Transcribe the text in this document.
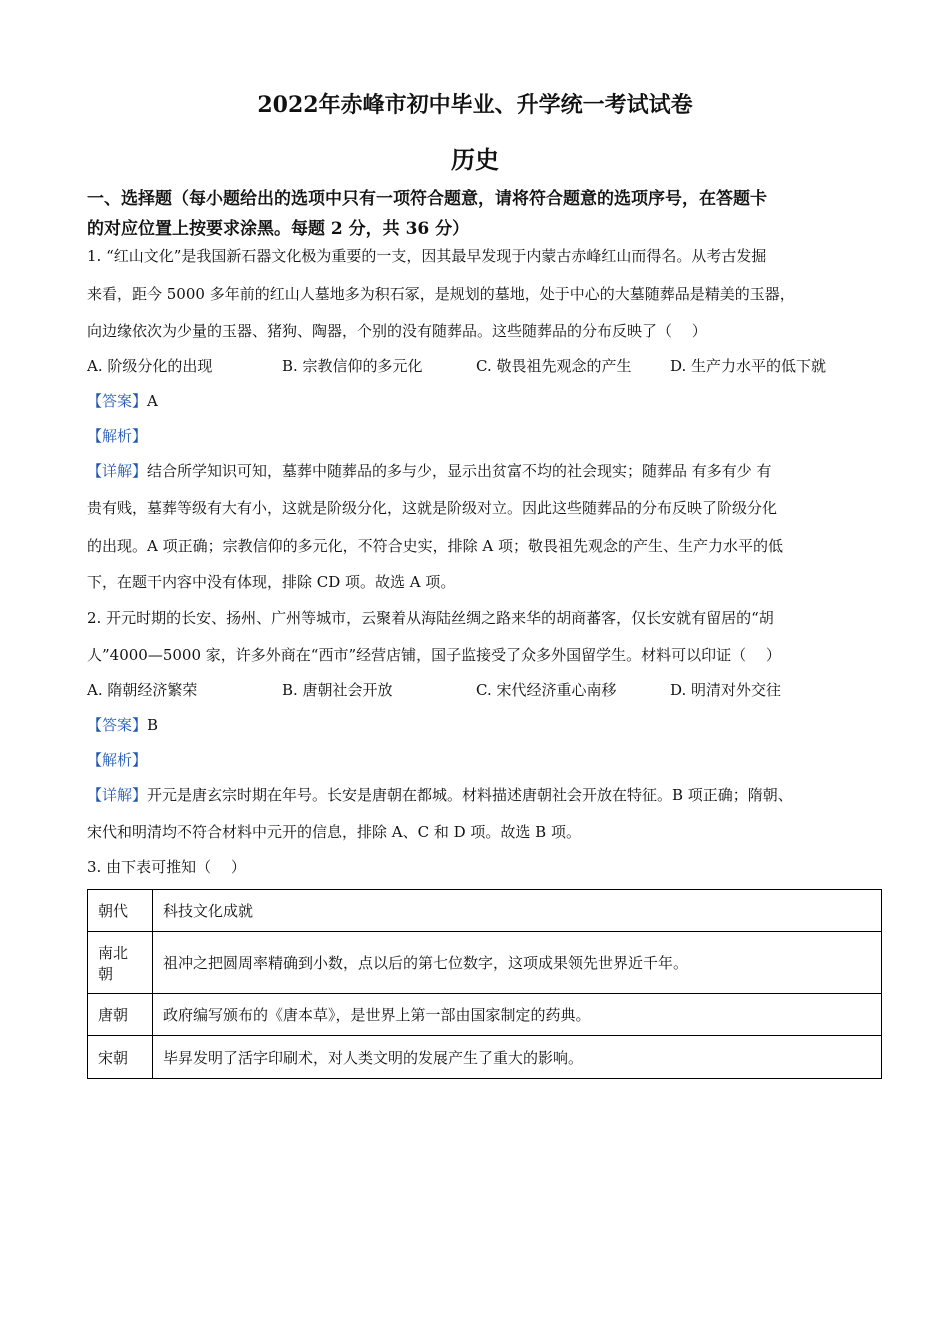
2022年赤峰市初中毕业、升学统一考试试卷
历史
一、选择题（每小题给出的选项中只有一项符合题意，请将符合题意的选项序号，在答题卡
的对应位置上按要求涂黑。每题 2 分，共 36 分）
1. “红山文化”是我国新石器文化极为重要的一支，因其最早发现于内蒙古赤峰红山而得名。从考古发掘
来看，距今 5000 多年前的红山人墓地多为积石冢，是规划的墓地，处于中心的大墓随葬品是精美的玉器，
向边缘依次为少量的玉器、猪狗、陶器，个别的没有随葬品。这些随葬品的分布反映了（　 ）
A. 阶级分化的出现	B. 宗教信仰的多元化	C. 敬畏祖先观念的产生	D. 生产力水平的低下就
【答案】A
【解析】
【详解】结合所学知识可知，墓葬中随葬品的多与少，显示出贫富不均的社会现实；随葬品 有多有少 有
贵有贱，墓葬等级有大有小，这就是阶级分化，这就是阶级对立。因此这些随葬品的分布反映了阶级分化
的出现。A 项正确；宗教信仰的多元化，不符合史实，排除 A 项；敬畏祖先观念的产生、生产力水平的低
下，在题干内容中没有体现，排除 CD 项。故选 A 项。
2. 开元时期的长安、扬州、广州等城市，云聚着从海陆丝绸之路来华的胡商蕃客，仅长安就有留居的“胡
人”4000—5000 家，许多外商在“西市”经营店铺，国子监接受了众多外国留学生。材料可以印证（　 ）
A. 隋朝经济繁荣	B. 唐朝社会开放	C. 宋代经济重心南移	D. 明清对外交往
【答案】B
【解析】
【详解】开元是唐玄宗时期在年号。长安是唐朝在都城。材料描述唐朝社会开放在特征。B 项正确；隋朝、
宋代和明清均不符合材料中元开的信息，排除 A、C 和 D 项。故选 B 项。
3. 由下表可推知（　 ）
朝代	科技文化成就
南北朝	祖冲之把圆周率精确到小数，点以后的第七位数字，这项成果领先世界近千年。
唐朝	政府编写颁布的《唐本草》，是世界上第一部由国家制定的药典。
宋朝	毕昇发明了活字印刷术，对人类文明的发展产生了重大的影响。
